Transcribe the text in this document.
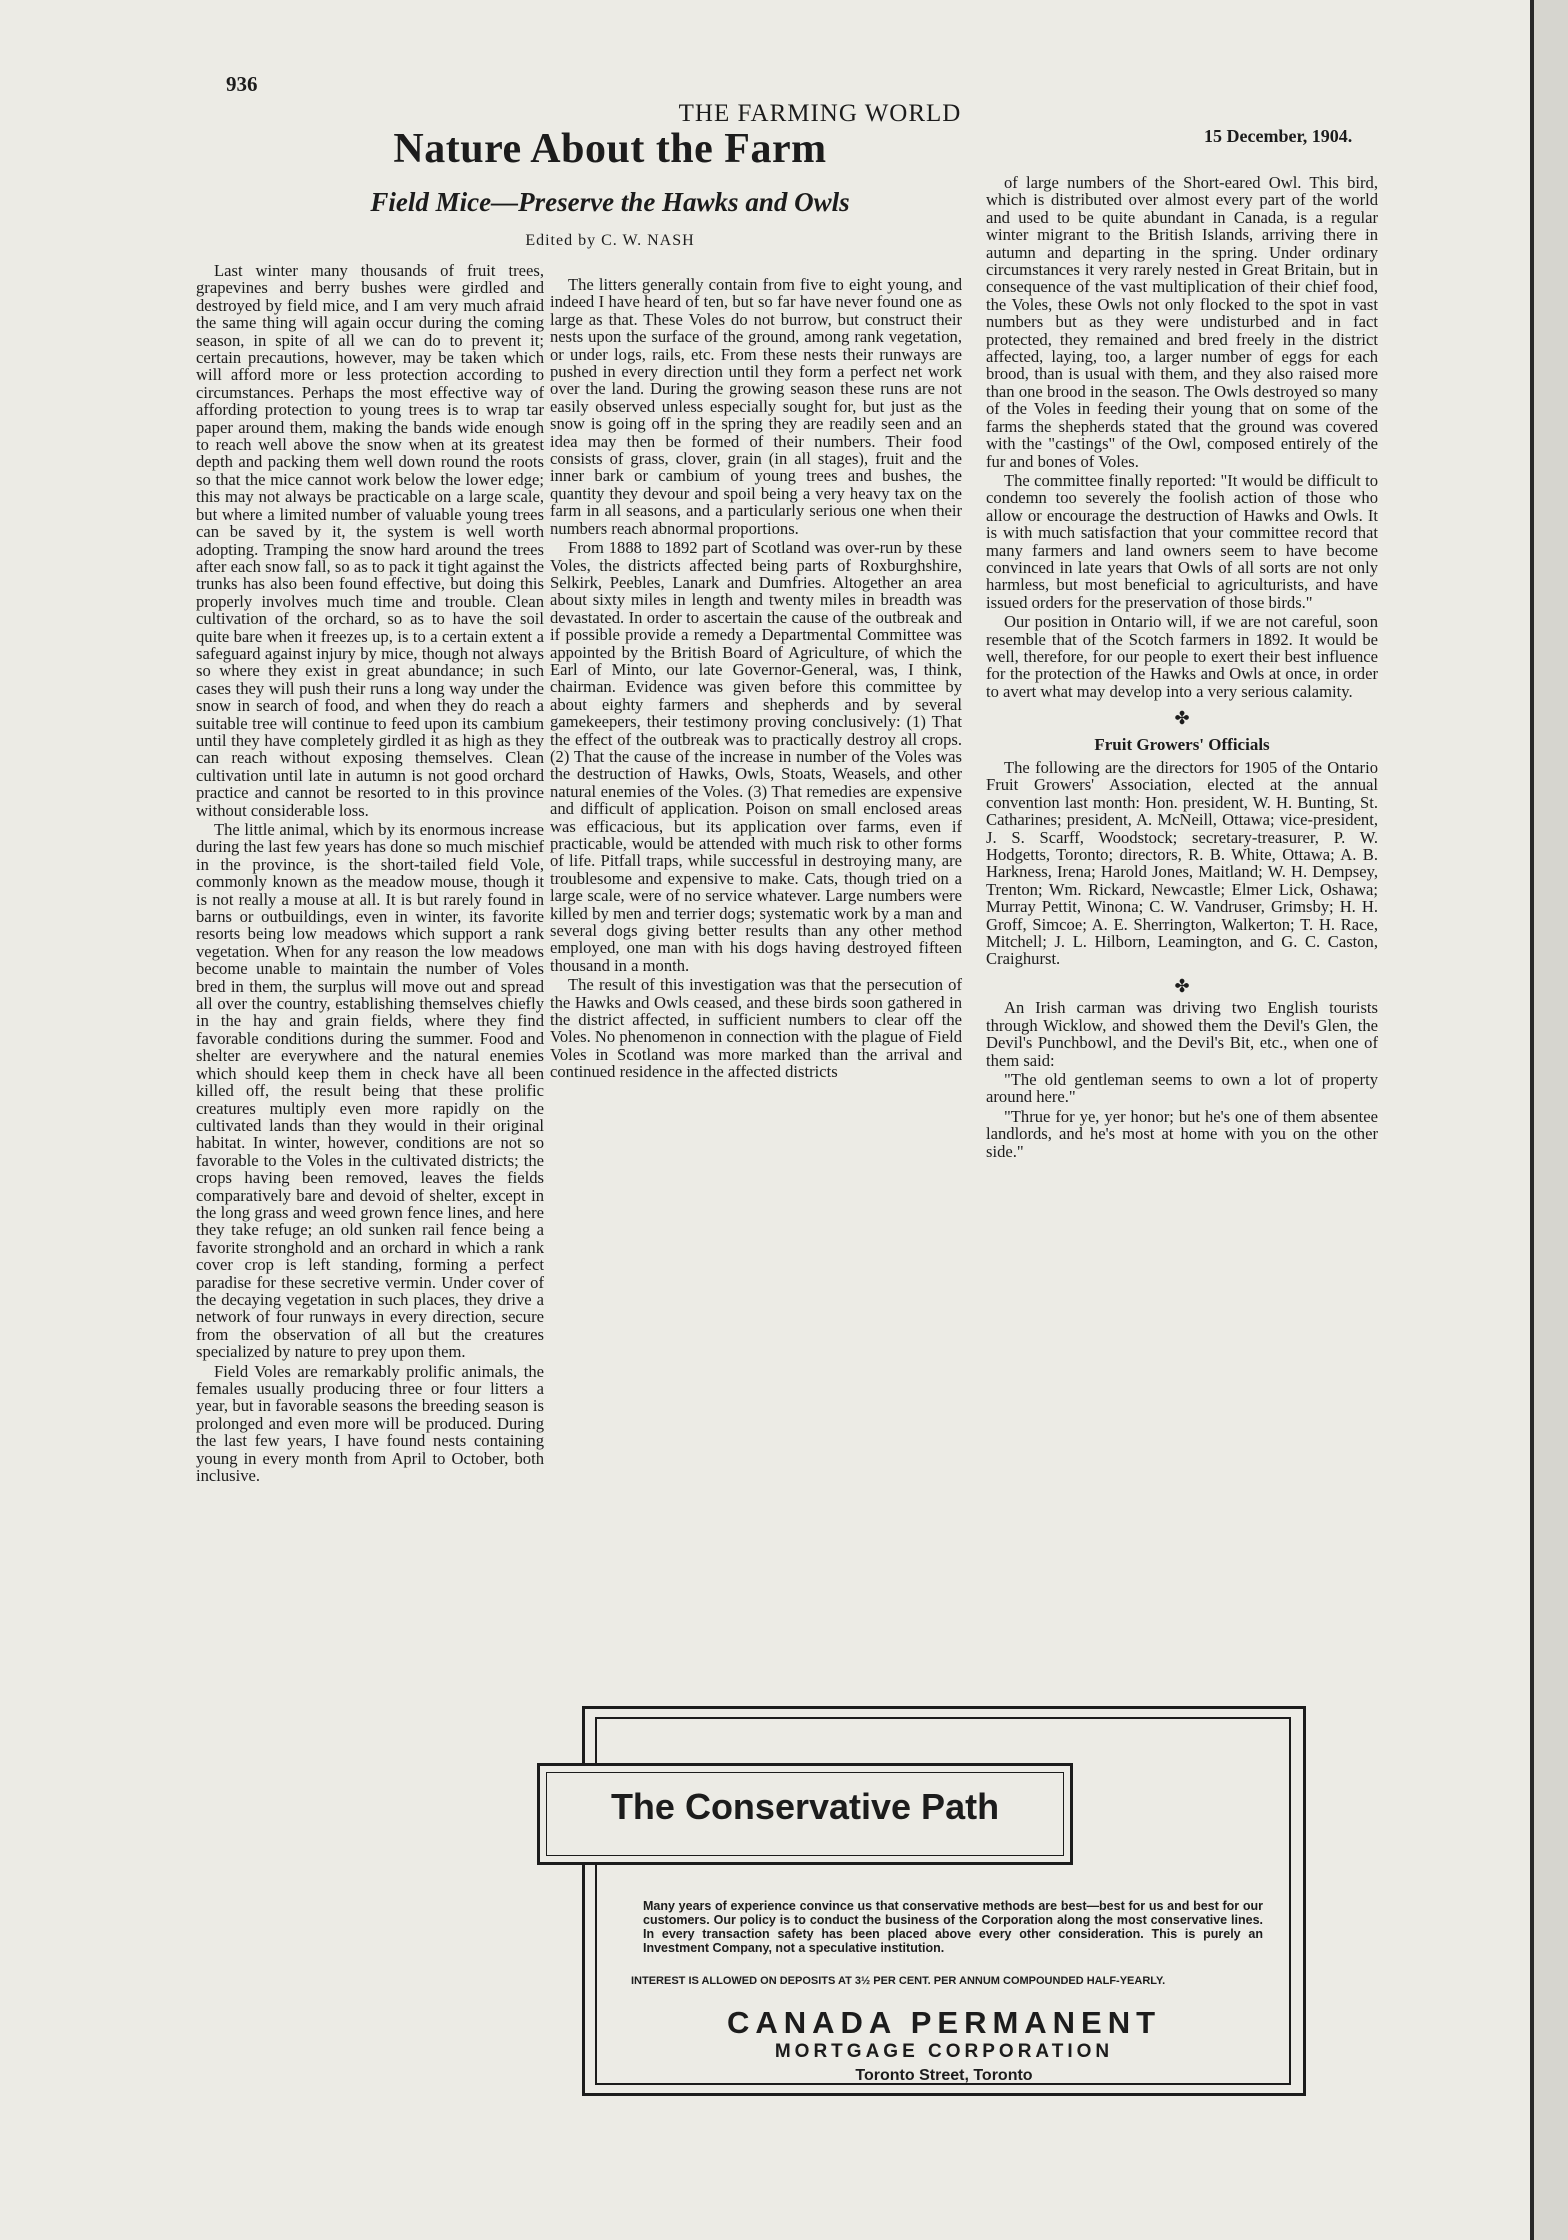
936
THE FARMING WORLD
15 December, 1904.
Nature About the Farm
Field Mice—Preserve the Hawks and Owls
Edited by C. W. NASH

Last winter many thousands of fruit trees, grapevines and berry bushes were girdled and destroyed by field mice, and I am very much afraid the same thing will again occur during the coming season, in spite of all we can do to prevent it; certain precautions, however, may be taken which will afford more or less protection according to circumstances. Perhaps the most effective way of affording protection to young trees is to wrap tar paper around them, making the bands wide enough to reach well above the snow when at its greatest depth and packing them well down round the roots so that the mice cannot work below the lower edge; this may not always be practicable on a large scale, but where a limited number of valuable young trees can be saved by it, the system is well worth adopting. Tramping the snow hard around the trees after each snow fall, so as to pack it tight against the trunks has also been found effective, but doing this properly involves much time and trouble. Clean cultivation of the orchard, so as to have the soil quite bare when it freezes up, is to a certain extent a safeguard against injury by mice, though not always so where they exist in great abundance; in such cases they will push their runs a long way under the snow in search of food, and when they do reach a suitable tree will continue to feed upon its cambium until they have completely girdled it as high as they can reach without exposing themselves. Clean cultivation until late in autumn is not good orchard practice and cannot be resorted to in this province without considerable loss.

The little animal, which by its enormous increase during the last few years has done so much mischief in the province, is the short-tailed field Vole, commonly known as the meadow mouse, though it is not really a mouse at all. It is but rarely found in barns or outbuildings, even in winter, its favorite resorts being low meadows which support a rank vegetation. When for any reason the low meadows become unable to maintain the number of Voles bred in them, the surplus will move out and spread all over the country, establishing themselves chiefly in the hay and grain fields, where they find favorable conditions during the summer. Food and shelter are everywhere and the natural enemies which should keep them in check have all been killed off, the result being that these prolific creatures multiply even more rapidly on the cultivated lands than they would in their original habitat. In winter, however, conditions are not so favorable to the Voles in the cultivated districts; the crops having been removed, leaves the fields comparatively bare and devoid of shelter, except in the long grass and weed grown fence lines, and here they take refuge; an old sunken rail fence being a favorite stronghold and an orchard in which a rank cover crop is left standing, forming a perfect paradise for these secretive vermin. Under cover of the decaying vegetation in such places, they drive a network of four runways in every direction, secure from the observation of all but the creatures specialized by nature to prey upon them.

Field Voles are remarkably prolific animals, the females usually producing three or four litters a year, but in favorable seasons the breeding season is prolonged and even more will be produced. During the last few years, I have found nests containing young in every month from April to October, both inclusive.

The litters generally contain from five to eight young, and indeed I have heard of ten, but so far have never found one as large as that. These Voles do not burrow, but construct their nests upon the surface of the ground, among rank vegetation, or under logs, rails, etc. From these nests their runways are pushed in every direction until they form a perfect net work over the land. During the growing season these runs are not easily observed unless especially sought for, but just as the snow is going off in the spring they are readily seen and an idea may then be formed of their numbers. Their food consists of grass, clover, grain (in all stages), fruit and the inner bark or cambium of young trees and bushes, the quantity they devour and spoil being a very heavy tax on the farm in all seasons, and a particularly serious one when their numbers reach abnormal proportions.

From 1888 to 1892 part of Scotland was over-run by these Voles, the districts affected being parts of Roxburghshire, Selkirk, Peebles, Lanark and Dumfries. Altogether an area about sixty miles in length and twenty miles in breadth was devastated. In order to ascertain the cause of the outbreak and if possible provide a remedy a Departmental Committee was appointed by the British Board of Agriculture, of which the Earl of Minto, our late Governor-General, was, I think, chairman. Evidence was given before this committee by about eighty farmers and shepherds and by several gamekeepers, their testimony proving conclusively: (1) That the effect of the outbreak was to practically destroy all crops. (2) That the cause of the increase in number of the Voles was the destruction of Hawks, Owls, Stoats, Weasels, and other natural enemies of the Voles. (3) That remedies are expensive and difficult of application. Poison on small enclosed areas was efficacious, but its application over farms, even if practicable, would be attended with much risk to other forms of life. Pitfall traps, while successful in destroying many, are troublesome and expensive to make. Cats, though tried on a large scale, were of no service whatever. Large numbers were killed by men and terrier dogs; systematic work by a man and several dogs giving better results than any other method employed, one man with his dogs having destroyed fifteen thousand in a month.

The result of this investigation was that the persecution of the Hawks and Owls ceased, and these birds soon gathered in the district affected, in sufficient numbers to clear off the Voles. No phenomenon in connection with the plague of Field Voles in Scotland was more marked than the arrival and continued residence in the affected districts

of large numbers of the Short-eared Owl. This bird, which is distributed over almost every part of the world and used to be quite abundant in Canada, is a regular winter migrant to the British Islands, arriving there in autumn and departing in the spring. Under ordinary circumstances it very rarely nested in Great Britain, but in consequence of the vast multiplication of their chief food, the Voles, these Owls not only flocked to the spot in vast numbers but as they were undisturbed and in fact protected, they remained and bred freely in the district affected, laying, too, a larger number of eggs for each brood, than is usual with them, and they also raised more than one brood in the season. The Owls destroyed so many of the Voles in feeding their young that on some of the farms the shepherds stated that the ground was covered with the "castings" of the Owl, composed entirely of the fur and bones of Voles.

The committee finally reported: "It would be difficult to condemn too severely the foolish action of those who allow or encourage the destruction of Hawks and Owls. It is with much satisfaction that your committee record that many farmers and land owners seem to have become convinced in late years that Owls of all sorts are not only harmless, but most beneficial to agriculturists, and have issued orders for the preservation of those birds."

Our position in Ontario will, if we are not careful, soon resemble that of the Scotch farmers in 1892. It would be well, therefore, for our people to exert their best influence for the protection of the Hawks and Owls at once, in order to avert what may develop into a very serious calamity.

✤
Fruit Growers' Officials

The following are the directors for 1905 of the Ontario Fruit Growers' Association, elected at the annual convention last month: Hon. president, W. H. Bunting, St. Catharines; president, A. McNeill, Ottawa; vice-president, J. S. Scarff, Woodstock; secretary-treasurer, P. W. Hodgetts, Toronto; directors, R. B. White, Ottawa; A. B. Harkness, Irena; Harold Jones, Maitland; W. H. Dempsey, Trenton; Wm. Rickard, Newcastle; Elmer Lick, Oshawa; Murray Pettit, Winona; C. W. Vandruser, Grimsby; H. H. Groff, Simcoe; A. E. Sherrington, Walkerton; T. H. Race, Mitchell; J. L. Hilborn, Leamington, and G. C. Caston, Craighurst.

✤

An Irish carman was driving two English tourists through Wicklow, and showed them the Devil's Glen, the Devil's Punchbowl, and the Devil's Bit, etc., when one of them said:

"The old gentleman seems to own a lot of property around here."

"Thrue for ye, yer honor; but he's one of them absentee landlords, and he's most at home with you on the other side."

The Conservative Path
Many years of experience convince us that conservative methods are best—best for us and best for our customers. Our policy is to conduct the business of the Corporation along the most conservative lines. In every transaction safety has been placed above every other consideration. This is purely an Investment Company, not a speculative institution.
INTEREST IS ALLOWED ON DEPOSITS AT 3½ PER CENT. PER ANNUM COMPOUNDED HALF-YEARLY.
CANADA PERMANENT
MORTGAGE CORPORATION
Toronto Street, Toronto
